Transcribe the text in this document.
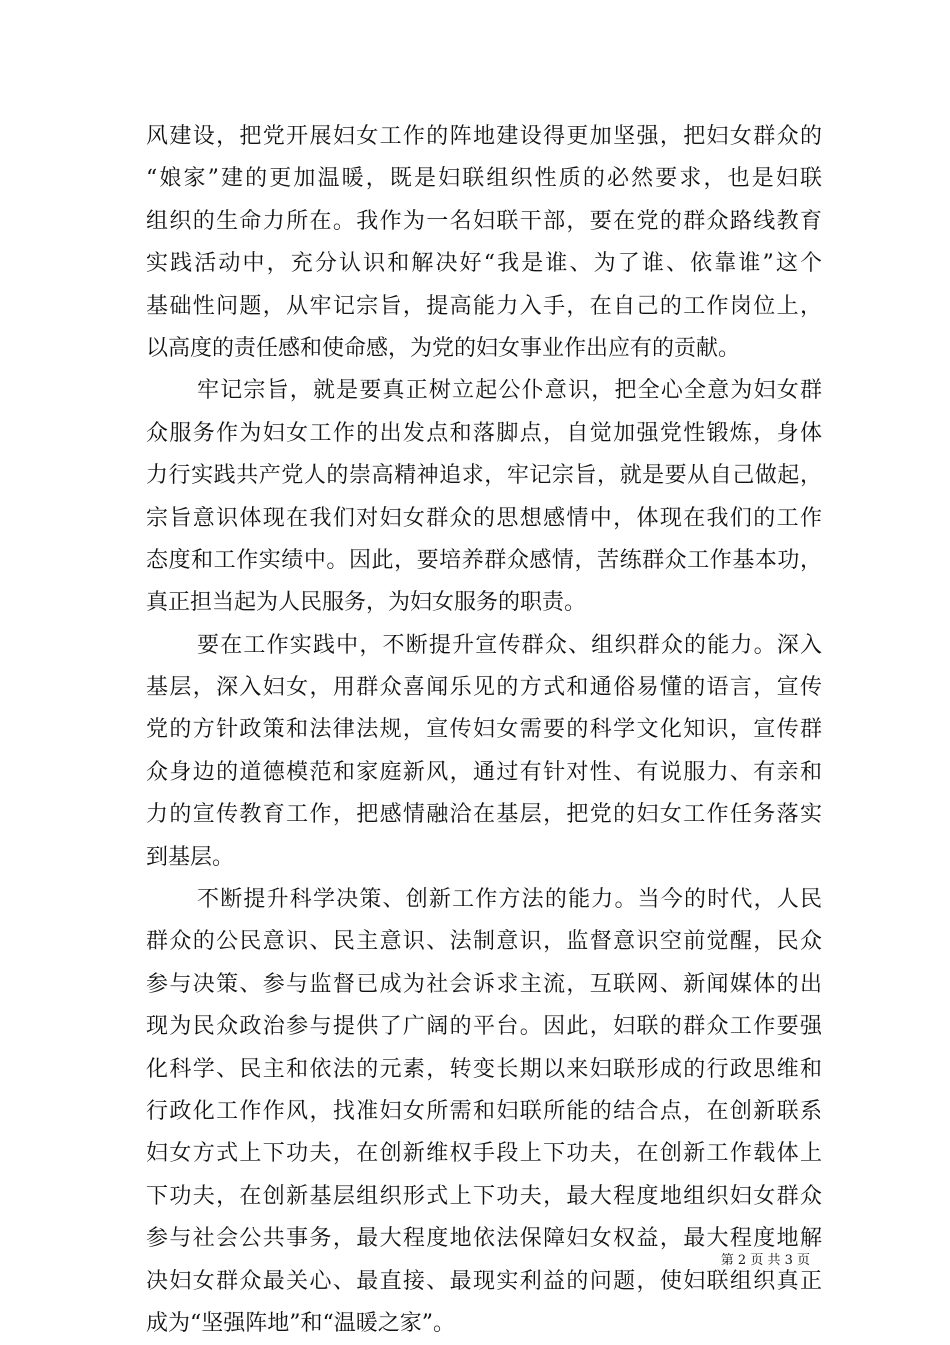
风建设，把党开展妇女工作的阵地建设得更加坚强，把妇女群众的
“娘家”建的更加温暖，既是妇联组织性质的必然要求，也是妇联
组织的生命力所在。我作为一名妇联干部，要在党的群众路线教育
实践活动中，充分认识和解决好“我是谁、为了谁、依靠谁”这个
基础性问题，从牢记宗旨，提高能力入手，在自己的工作岗位上，
以高度的责任感和使命感，为党的妇女事业作出应有的贡献。
牢记宗旨，就是要真正树立起公仆意识，把全心全意为妇女群
众服务作为妇女工作的出发点和落脚点，自觉加强党性锻炼，身体
力行实践共产党人的崇高精神追求，牢记宗旨，就是要从自己做起，
宗旨意识体现在我们对妇女群众的思想感情中，体现在我们的工作
态度和工作实绩中。因此，要培养群众感情，苦练群众工作基本功，
真正担当起为人民服务，为妇女服务的职责。
要在工作实践中，不断提升宣传群众、组织群众的能力。深入
基层，深入妇女，用群众喜闻乐见的方式和通俗易懂的语言，宣传
党的方针政策和法律法规，宣传妇女需要的科学文化知识，宣传群
众身边的道德模范和家庭新风，通过有针对性、有说服力、有亲和
力的宣传教育工作，把感情融洽在基层，把党的妇女工作任务落实
到基层。
不断提升科学决策、创新工作方法的能力。当今的时代，人民
群众的公民意识、民主意识、法制意识，监督意识空前觉醒，民众
参与决策、参与监督已成为社会诉求主流，互联网、新闻媒体的出
现为民众政治参与提供了广阔的平台。因此，妇联的群众工作要强
化科学、民主和依法的元素，转变长期以来妇联形成的行政思维和
行政化工作作风，找准妇女所需和妇联所能的结合点，在创新联系
妇女方式上下功夫，在创新维权手段上下功夫，在创新工作载体上
下功夫，在创新基层组织形式上下功夫，最大程度地组织妇女群众
参与社会公共事务，最大程度地依法保障妇女权益，最大程度地解
决妇女群众最关心、最直接、最现实利益的问题，使妇联组织真正
成为“坚强阵地”和“温暖之家”。
第 2 页 共 3 页
